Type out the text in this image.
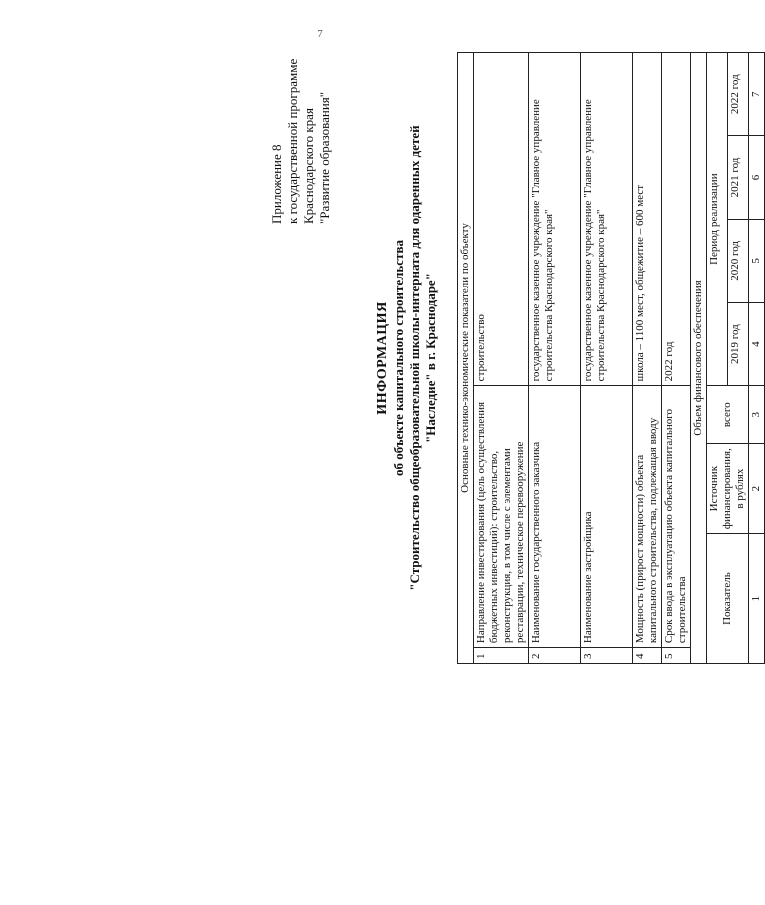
7
Приложение 8 к государственной программе Краснодарского края "Развитие образования"
ИНФОРМАЦИЯ об объекте капитального строительства "Строительство общеобразовательной школы-интерната для одаренных детей "Наследие" в г. Краснодаре" Основные технико-экономические показатели по объекту							
1	Направление инвестирования (цель осуществления бюджетных инвестиций): строительство, реконструкция, в том числе с элементами реставрации, техническое перевооружение			строительство			
2	Наименование государственного заказчика			государственное казенное учреждение "Главное управление строительства Краснодарского края"			
3	Наименование застройщика			государственное казенное учреждение "Главное управление строительства Краснодарского края"			
4	Мощность (прирост мощности) объекта капитального строительства, подлежащая вводу			школа – 1100 мест, общежитие – 600 мест			
5	Срок ввода в эксплуатацию объекта капитального строительства			2022 год			
Объем финансового обеспечения							
Показатель		Источник финансирования, в рублях	всего	Период реализации			
				2019 год	2020 год	2021 год	2022 год
1		2	3	4	5	6	7
